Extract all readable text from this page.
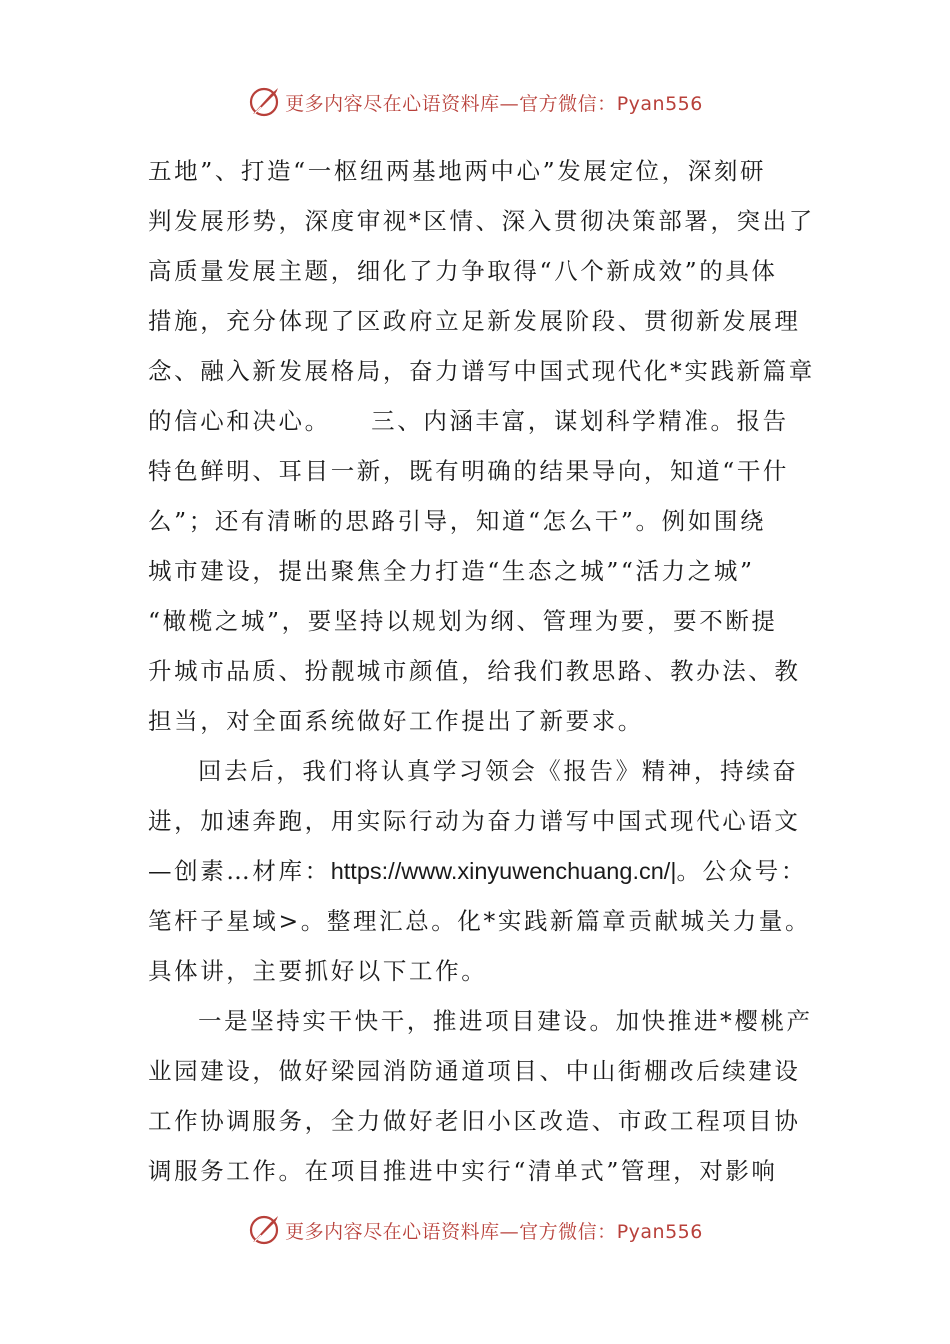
更多内容尽在心语资料库—官方微信：Pyan556
五地”、打造“一枢纽两基地两中心”发展定位，深刻研
判发展形势，深度审视*区情、深入贯彻决策部署，突出了
高质量发展主题，细化了力争取得“八个新成效”的具体
措施，充分体现了区政府立足新发展阶段、贯彻新发展理
念、融入新发展格局，奋力谱写中国式现代化*实践新篇章
的信心和决心。　　三、内涵丰富，谋划科学精准。报告
特色鲜明、耳目一新，既有明确的结果导向，知道“干什
么”；还有清晰的思路引导，知道“怎么干”。例如围绕
城市建设，提出聚焦全力打造“生态之城”“活力之城”
“橄榄之城”，要坚持以规划为纲、管理为要，要不断提
升城市品质、扮靓城市颜值，给我们教思路、教办法、教
担当，对全面系统做好工作提出了新要求。
回去后，我们将认真学习领会《报告》精神，持续奋
进，加速奔跑，用实际行动为奋力谱写中国式现代心语文
—创素…材库：https://www.xinyuwenchuang.cn/|。公众号：
笔杆子星域>。整理汇总。化*实践新篇章贡献城关力量。
具体讲，主要抓好以下工作。
一是坚持实干快干，推进项目建设。加快推进*樱桃产
业园建设，做好梁园消防通道项目、中山街棚改后续建设
工作协调服务，全力做好老旧小区改造、市政工程项目协
调服务工作。在项目推进中实行“清单式”管理，对影响
更多内容尽在心语资料库—官方微信：Pyan556
